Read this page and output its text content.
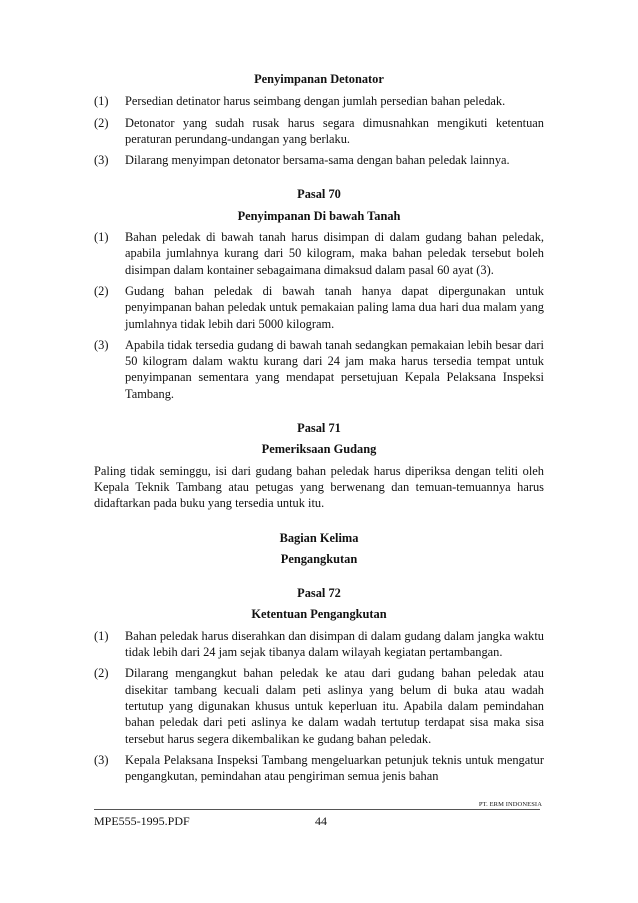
Penyimpanan Detonator
(1)	Persedian detinator harus seimbang dengan jumlah persedian bahan peledak.
(2)	Detonator yang sudah rusak harus segara dimusnahkan mengikuti ketentuan peraturan perundang-undangan yang berlaku.
(3)	Dilarang menyimpan detonator bersama-sama dengan bahan peledak lainnya.
Pasal 70
Penyimpanan Di bawah Tanah
(1)	Bahan peledak di bawah tanah harus disimpan di dalam gudang bahan peledak, apabila jumlahnya kurang dari 50 kilogram, maka bahan peledak tersebut boleh disimpan dalam kontainer sebagaimana dimaksud dalam pasal 60 ayat (3).
(2)	Gudang bahan peledak di bawah tanah hanya dapat dipergunakan untuk penyimpanan bahan peledak untuk pemakaian paling lama dua hari dua malam yang jumlahnya tidak lebih dari 5000 kilogram.
(3)	Apabila tidak tersedia gudang di bawah tanah sedangkan pemakaian lebih besar dari 50 kilogram dalam waktu kurang dari 24 jam maka harus tersedia tempat untuk penyimpanan sementara yang mendapat persetujuan Kepala Pelaksana Inspeksi Tambang.
Pasal 71
Pemeriksaan Gudang

Paling tidak seminggu, isi dari gudang bahan peledak harus diperiksa dengan teliti oleh Kepala Teknik Tambang atau petugas yang berwenang dan temuan-temuannya harus didaftarkan pada buku yang tersedia untuk itu.

Bagian Kelima
Pengangkutan
Pasal 72
Ketentuan Pengangkutan
(1)	Bahan peledak harus diserahkan dan disimpan di dalam gudang dalam jangka waktu tidak lebih dari 24 jam sejak tibanya dalam wilayah kegiatan pertambangan.
(2)	Dilarang mengangkut bahan peledak ke atau dari gudang bahan peledak atau disekitar tambang kecuali dalam peti aslinya yang belum di buka atau wadah tertutup yang digunakan khusus untuk keperluan itu. Apabila dalam pemindahan bahan peledak dari peti aslinya ke dalam wadah tertutup terdapat sisa maka sisa tersebut harus segera dikembalikan ke gudang bahan peledak.
(3)	Kepala Pelaksana Inspeksi Tambang mengeluarkan petunjuk teknis untuk mengatur pengangkutan, pemindahan atau pengiriman semua jenis bahan
PT. ERM INDONESIA
MPE555-1995.PDF	44
